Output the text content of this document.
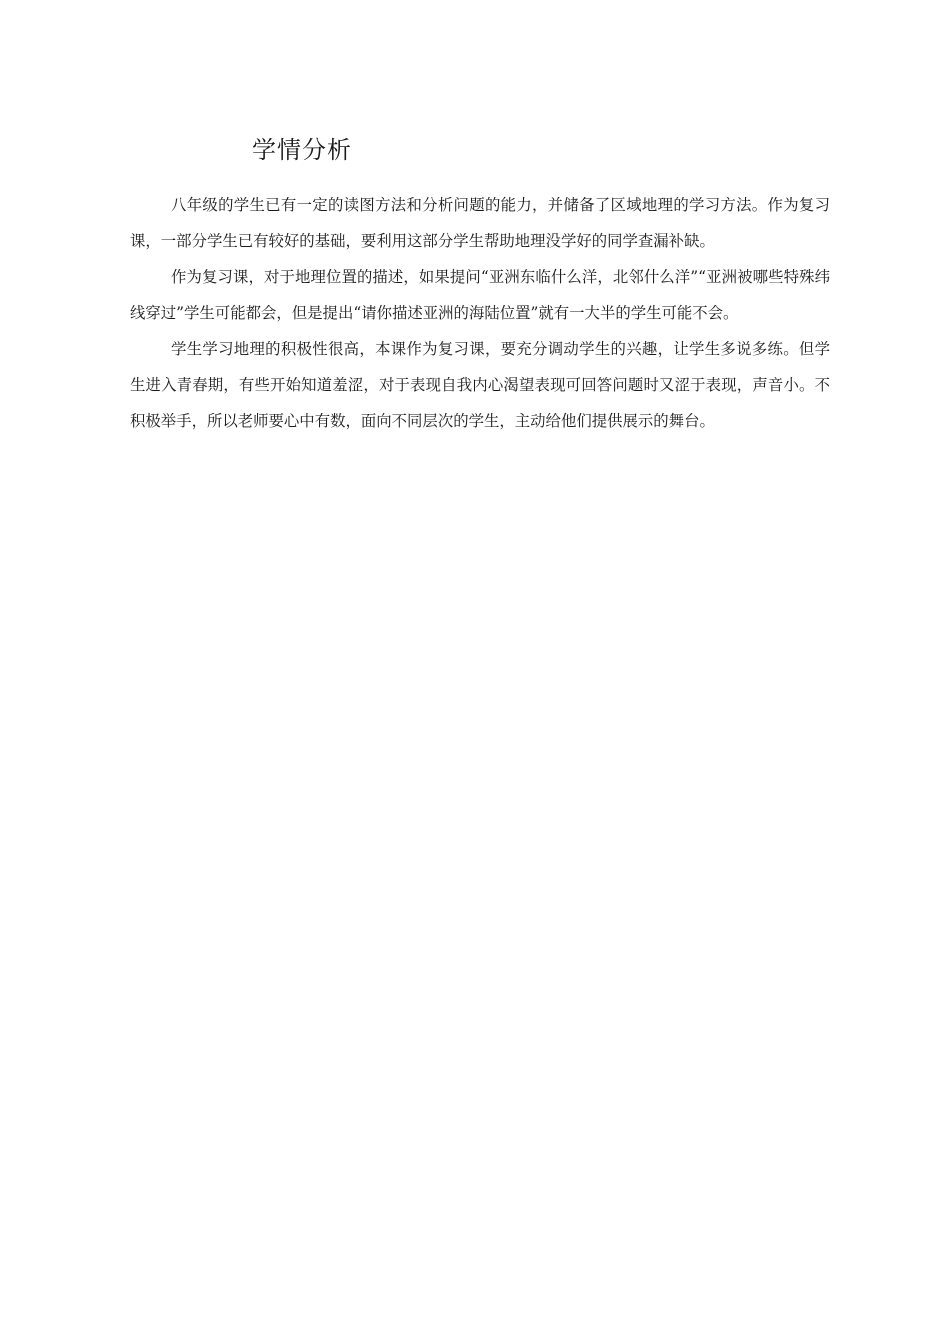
学情分析

八年级的学生已有一定的读图方法和分析问题的能力，并储备了区域地理的学习方法。作为复习课，一部分学生已有较好的基础，要利用这部分学生帮助地理没学好的同学查漏补缺。

作为复习课，对于地理位置的描述，如果提问“亚洲东临什么洋，北邻什么洋”“亚洲被哪些特殊纬线穿过”学生可能都会，但是提出“请你描述亚洲的海陆位置”就有一大半的学生可能不会。

学生学习地理的积极性很高，本课作为复习课，要充分调动学生的兴趣，让学生多说多练。但学生进入青春期，有些开始知道羞涩，对于表现自我内心渴望表现可回答问题时又涩于表现，声音小。不积极举手，所以老师要心中有数，面向不同层次的学生，主动给他们提供展示的舞台。
